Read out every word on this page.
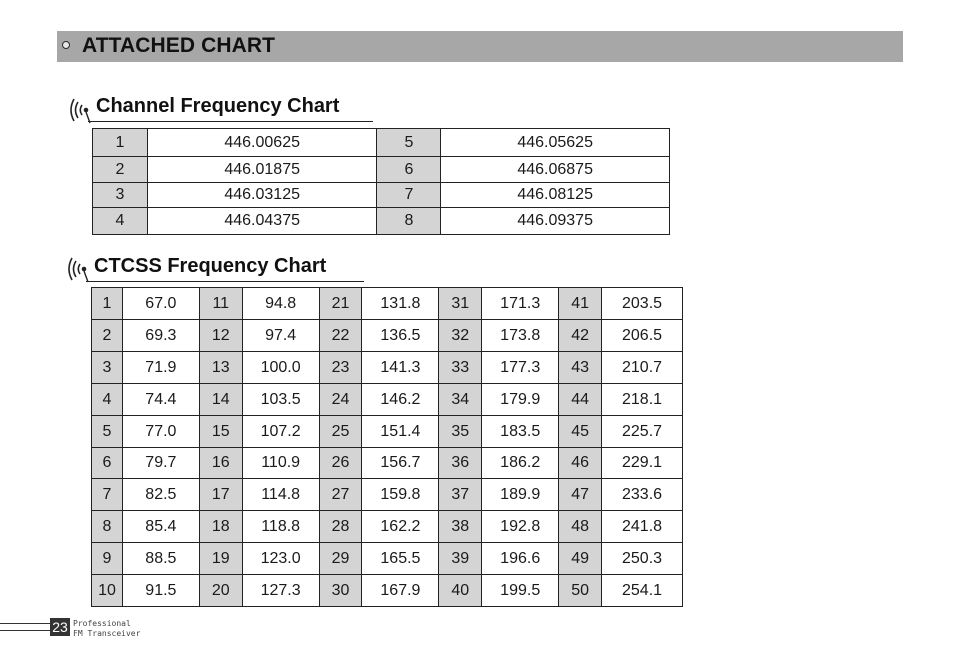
ATTACHED CHART
Channel Frequency Chart
1	446.00625	5	446.05625
2	446.01875	6	446.06875
3	446.03125	7	446.08125
4	446.04375	8	446.09375
CTCSS Frequency Chart
1	67.0	11	94.8	21	131.8	31	171.3	41	203.5
2	69.3	12	97.4	22	136.5	32	173.8	42	206.5
3	71.9	13	100.0	23	141.3	33	177.3	43	210.7
4	74.4	14	103.5	24	146.2	34	179.9	44	218.1
5	77.0	15	107.2	25	151.4	35	183.5	45	225.7
6	79.7	16	110.9	26	156.7	36	186.2	46	229.1
7	82.5	17	114.8	27	159.8	37	189.9	47	233.6
8	85.4	18	118.8	28	162.2	38	192.8	48	241.8
9	88.5	19	123.0	29	165.5	39	196.6	49	250.3
10	91.5	20	127.3	30	167.9	40	199.5	50	254.1
23 Professional
FM Transceiver
